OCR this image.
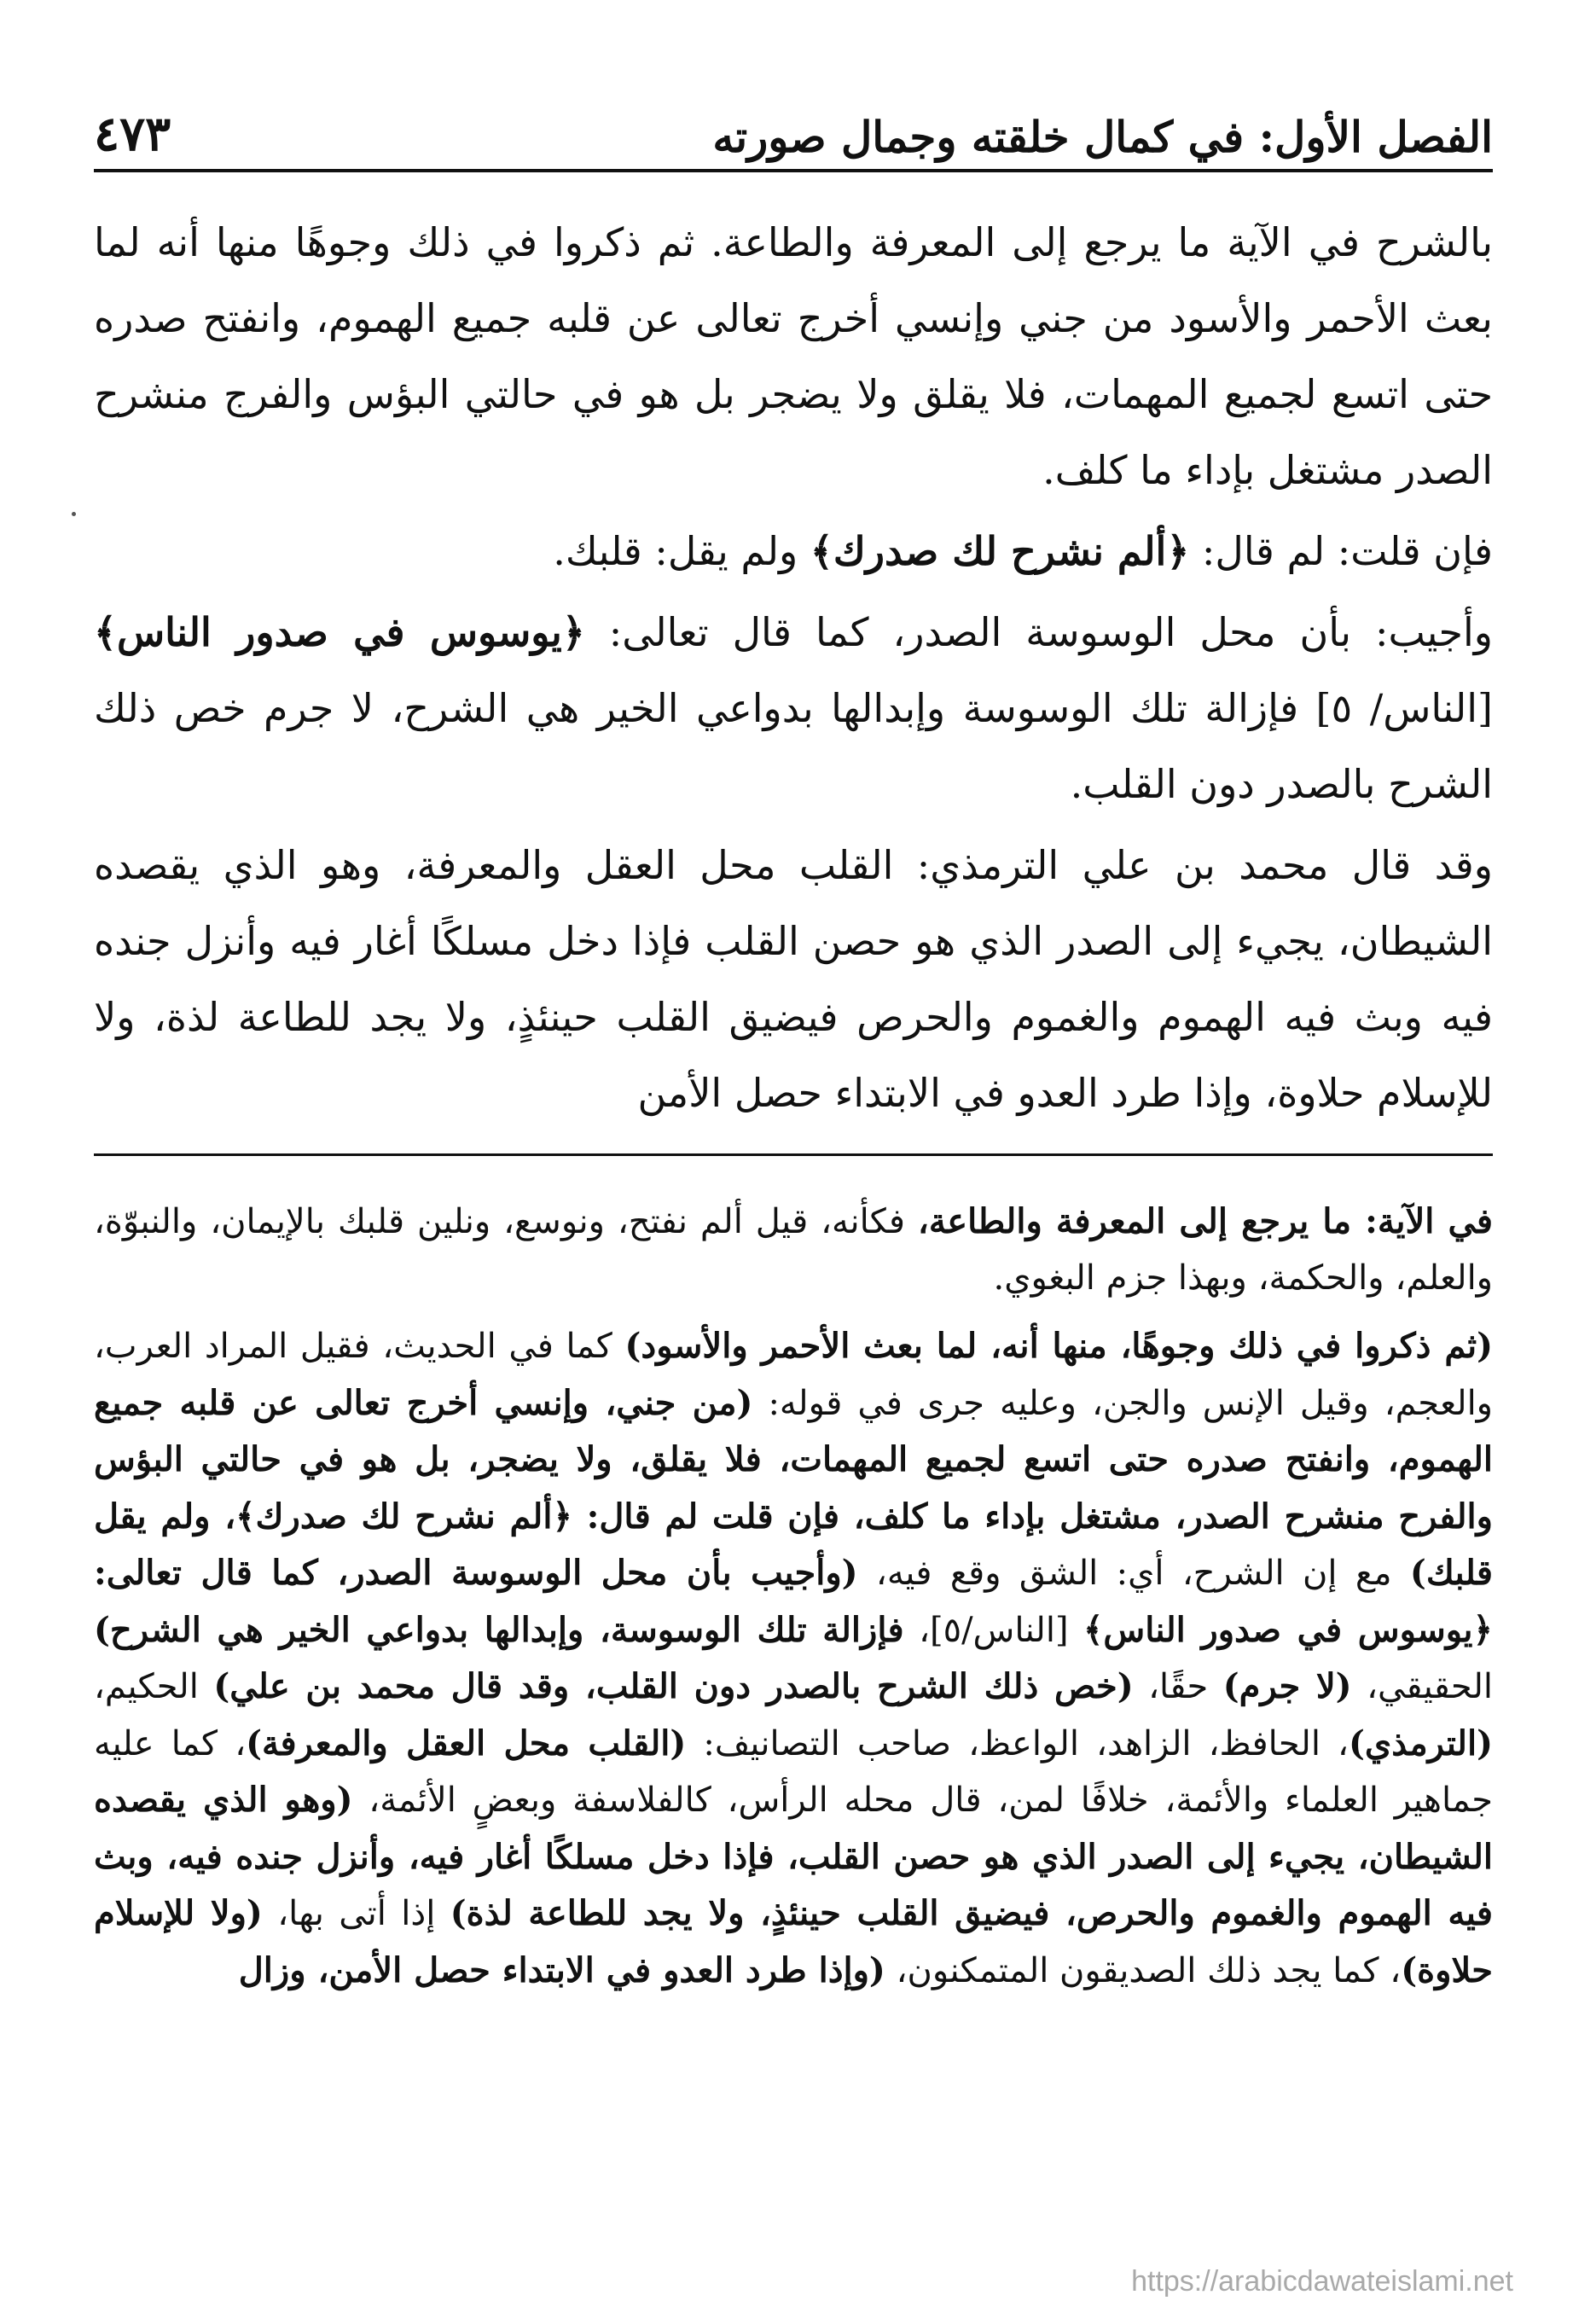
الفصل الأول: في كمال خلقته وجمال صورته
٤٧٣

بالشرح في الآية ما يرجع إلى المعرفة والطاعة. ثم ذكروا في ذلك وجوهًا منها أنه لما بعث الأحمر والأسود من جني وإنسي أخرج تعالى عن قلبه جميع الهموم، وانفتح صدره حتى اتسع لجميع المهمات، فلا يقلق ولا يضجر بل هو في حالتي البؤس والفرج منشرح الصدر مشتغل بإداء ما كلف.

فإن قلت: لم قال: ﴿ألم نشرح لك صدرك﴾ ولم يقل: قلبك.

وأجيب: بأن محل الوسوسة الصدر، كما قال تعالى: ﴿يوسوس في صدور الناس﴾ [الناس/ ٥] فإزالة تلك الوسوسة وإبدالها بدواعي الخير هي الشرح، لا جرم خص ذلك الشرح بالصدر دون القلب.

وقد قال محمد بن علي الترمذي: القلب محل العقل والمعرفة، وهو الذي يقصده الشيطان، يجيء إلى الصدر الذي هو حصن القلب فإذا دخل مسلكًا أغار فيه وأنزل جنده فيه وبث فيه الهموم والغموم والحرص فيضيق القلب حينئذٍ، ولا يجد للطاعة لذة، ولا للإسلام حلاوة، وإذا طرد العدو في الابتداء حصل الأمن

في الآية: ما يرجع إلى المعرفة والطاعة، فكأنه، قيل ألم نفتح، ونوسع، ونلين قلبك بالإيمان، والنبوّة، والعلم، والحكمة، وبهذا جزم البغوي.

(ثم ذكروا في ذلك وجوهًا، منها أنه، لما بعث الأحمر والأسود) كما في الحديث، فقيل المراد العرب، والعجم، وقيل الإنس والجن، وعليه جرى في قوله: (من جني، وإنسي أخرج تعالى عن قلبه جميع الهموم، وانفتح صدره حتى اتسع لجميع المهمات، فلا يقلق، ولا يضجر، بل هو في حالتي البؤس والفرح منشرح الصدر، مشتغل بإداء ما كلف، فإن قلت لم قال: ﴿ألم نشرح لك صدرك﴾، ولم يقل قلبك) مع إن الشرح، أي: الشق وقع فيه، (وأجيب بأن محل الوسوسة الصدر، كما قال تعالى: ﴿يوسوس في صدور الناس﴾ [الناس/٥]، فإزالة تلك الوسوسة، وإبدالها بدواعي الخير هي الشرح) الحقيقي، (لا جرم) حقًا، (خص ذلك الشرح بالصدر دون القلب، وقد قال محمد بن علي) الحكيم، (الترمذي)، الحافظ، الزاهد، الواعظ، صاحب التصانيف: (القلب محل العقل والمعرفة)، كما عليه جماهير العلماء والأئمة، خلافًا لمن، قال محله الرأس، كالفلاسفة وبعضٍ الأئمة، (وهو الذي يقصده الشيطان، يجيء إلى الصدر الذي هو حصن القلب، فإذا دخل مسلكًا أغار فيه، وأنزل جنده فيه، وبث فيه الهموم والغموم والحرص، فيضيق القلب حينئذٍ، ولا يجد للطاعة لذة) إذا أتى بها، (ولا للإسلام حلاوة)، كما يجد ذلك الصديقون المتمكنون، (وإذا طرد العدو في الابتداء حصل الأمن، وزال

https://arabicdawateislami.net
